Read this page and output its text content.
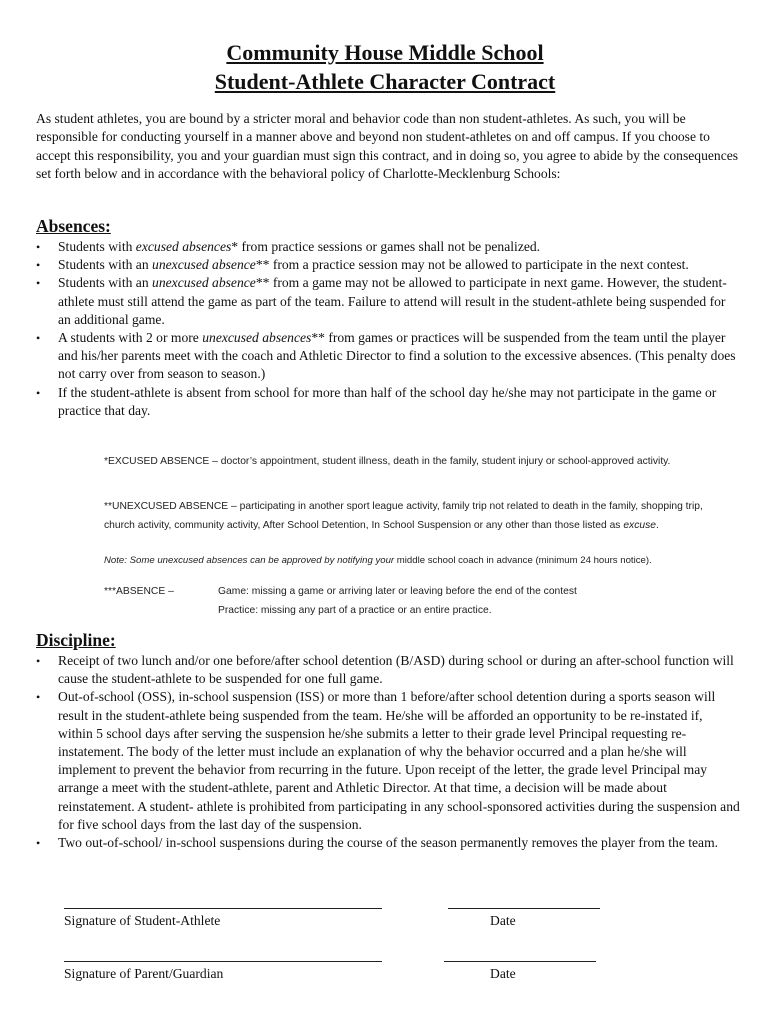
Community House Middle School
Student-Athlete Character Contract

As student athletes, you are bound by a stricter moral and behavior code than non student-athletes. As such, you will be responsible for conducting yourself in a manner above and beyond non student-athletes on and off campus. If you choose to accept this responsibility, you and your guardian must sign this contract, and in doing so, you agree to abide by the consequences set forth below and in accordance with the behavioral policy of Charlotte-Mecklenburg Schools:

Absences:
•	Students with excused absences* from practice sessions or games shall not be penalized.
•	Students with an unexcused absence** from a practice session may not be allowed to participate in the next contest.
•	Students with an unexcused absence** from a game may not be allowed to participate in next game. However, the student-athlete must still attend the game as part of the team. Failure to attend will result in the student-athlete being suspended for an additional game.
•	A students with 2 or more unexcused absences** from games or practices will be suspended from the team until the player and his/her parents meet with the coach and Athletic Director to find a solution to the excessive absences. (This penalty does not carry over from season to season.)
•	If the student-athlete is absent from school for more than half of the school day he/she may not participate in the game or practice that day.
*EXCUSED ABSENCE – doctor’s appointment, student illness, death in the family, student injury or school-approved activity.
**UNEXCUSED ABSENCE – participating in another sport league activity, family trip not related to death in the family, shopping trip, church activity, community activity, After School Detention, In School Suspension or any other than those listed as excuse.
Note: Some unexcused absences can be approved by notifying your middle school coach in advance (minimum 24 hours notice).
***ABSENCE –	Game: missing a game or arriving later or leaving before the end of the contest
Practice: missing any part of a practice or an entire practice.
Discipline:
•	Receipt of two lunch and/or one before/after school detention (B/ASD) during school or during an after-school function will cause the student-athlete to be suspended for one full game.
•	Out-of-school (OSS), in-school suspension (ISS) or more than 1 before/after school detention during a sports season will result in the student-athlete being suspended from the team. He/she will be afforded an opportunity to be re-instated if, within 5 school days after serving the suspension he/she submits a letter to their grade level Principal requesting re-instatement. The body of the letter must include an explanation of why the behavior occurred and a plan he/she will implement to prevent the behavior from recurring in the future. Upon receipt of the letter, the grade level Principal may arrange a meet with the student-athlete, parent and Athletic Director. At that time, a decision will be made about reinstatement. A student- athlete is prohibited from participating in any school-sponsored activities during the suspension and for five school days from the last day of the suspension.
•	Two out-of-school/ in-school suspensions during the course of the season permanently removes the player from the team.
Signature of Student-Athlete	Date
Signature of Parent/Guardian	Date
